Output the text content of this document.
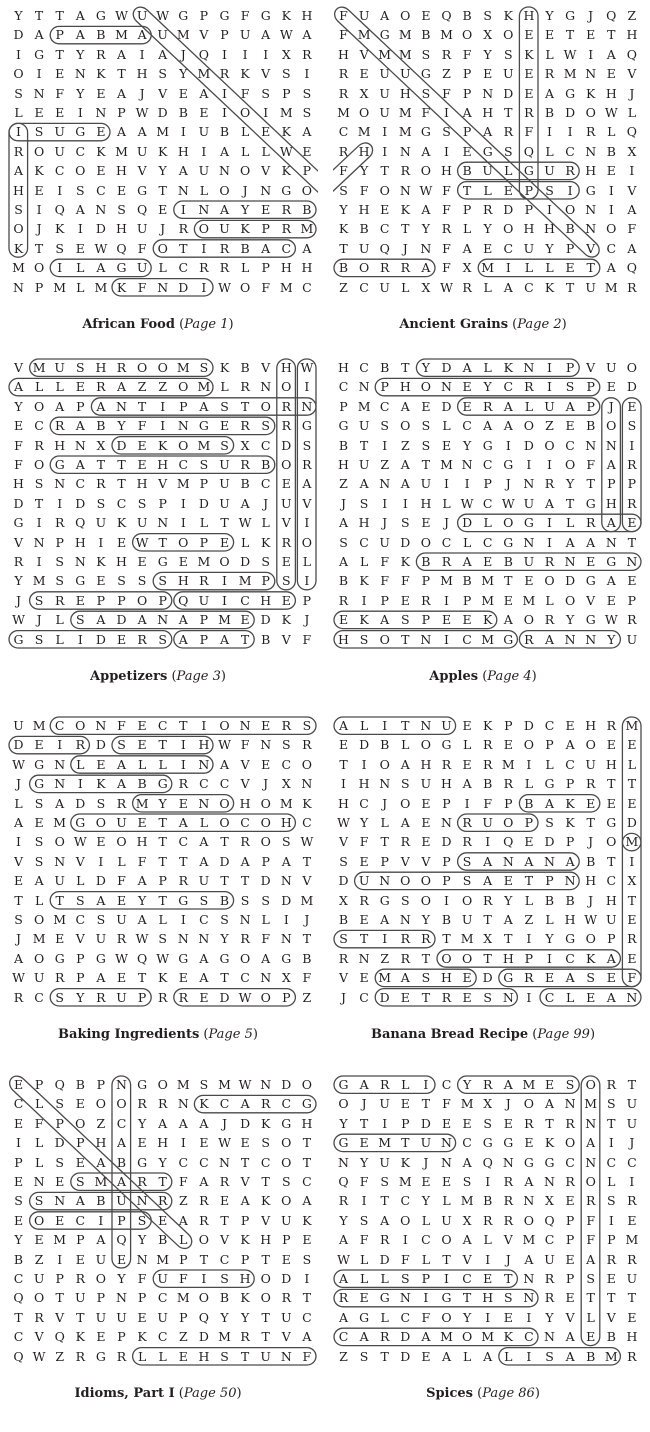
Y T T A G W U W G P G F G K H
D A P A B M A U M V P U A W A
I	G T Y R A	I	A	J	Q	I	I	I	X R
O	I	E N K T H S Y M R K V S	I
S N F Y E A	J	V E A	I	F S P S
L E E	I	N P W D B E	I	O	I M S
I	S U G E A A M I	U B L E K A
R O U C K M U K H	I	A L L W E
A K C O E H V Y A U N O V K P
H E	I	S C E G T N L O	J	N G O
S	I	Q A N S Q E	I	N A Y E R B
O	J	K	I	D H U	J	R O U K P R M
K T S E W Q F O T	I	R B A C A
M O	I	L A G U L C R R L P H H
N P M L M K F N D	I W O F M C
African Food (Page 1)
F U A O E Q B S K H Y G	J	Q Z
F M G M B M O X O E E T E T H
H V M M S R F Y S K L W I	A Q
R E U U G Z P E U E R M N E V
R X U H S F P N D E A G K H	J
M O U M F	I	A H T R B D O W L
C M I M G S P A R F	I	I	R L Q
R H	I	N A	I	E G S Q L C N B X
F Y T R O H B U L G U R H E	I
S F O N W F T L E P S	I	G	I	V
Y H E K A F P R D P	I	O N	I	A
K B C T Y R L Y O H H B N O F
T U Q	J	N F A E C U Y P V C A
B O R R A F X M I	L L E T A Q
Z C U L X W R L A C K T U M R
Ancient Grains (Page 2)
V M U S H R O O M S K B V H W
A L L E R A Z Z O M L R N O	I
Y O A P A N T	I	P A S T O R N
E C R A B Y F	I	N G E R S R G
F R H N X D E K O M S X C D S
F O G A T T E H C S U R B O R
H S N C R T H V M P U B C E A
D T	I	D S C S P	I	D U A	J	U V
G	I	R Q U K U N	I	L T W L V	I
V N P H	I	E W T O P E L K R O
R	I	S N K H E G E M O D S E L
Y M S G E S S S H R	I M P S	I
J	S R E P P O P Q U	I	C H E P
W J	L S A D A N A P M E D K	J
G S L	I	D E R S A P A T B V F
Appetizers (Page 3)
H C B T Y D A L K N	I	P V U O
C N P H O N E Y C R	I	S P E D
P M C A E D E R A L U A P	J	E
G U S O S L C A A O Z E B O S
B T	I	Z S E Y G	I	D O C N N	I
H U Z A T M N C G	I	I	O F A R
Z A N A U	I	I	P	J	N R Y T P P
J	S	I	I	H L W C W U A T G H R
A H	J	S E	J	D L O G	I	L R A E
S C U D O C L C G N	I	A A N T
A L F K B R A E B U R N E G N
B K F F P M B M T E O D G A E
R	I	P E R	I	P M E M L O V E P
E K A S P E E K A O R Y G W R
H S O T N	I	C M G R A N N Y U
Apples (Page 4)
U M C O N F E C T	I	O N E R S
D E	I	R D S E T	I	H W F N S R
W G N L E A L L	I	N A V E C O
J	G N	I	K A B G R C C V	J	X N
L S A D S R M Y E N O H O M K
A E M G O U E T A L O C O H C
I	S O W E O H T C A T R O S W
V S N V	I	L F T T A D A P A T
E A U L D F A P R U T T D N V
T L T S A E Y T G S B S S D M
S O M C S U A L	I	C S N L	I	J
J M E V U R W S N N Y R F N T
A O G P G W Q W G A G O A G B
W U R P A E T K E A T C N X F
R C S Y R U P R R E D W O P Z
Baking Ingredients (Page 5)
A L	I	T N U E K P D C E H R M
E D B L O G L R E O P A O E E
T	I	O A H R E R M I	L C U H L
I	H N S U H A B R L G P R T T
H C	J	O E P	I	F P B A K E E E
W Y L A E N R U O P S K T G D
V F T R E D R	I	Q E D P	J	O M
S E P V V P S A N A N A B T	I
D U N O O P S A E T P N H C X
X R G S O	I	O R Y L B B	J	H T
B E A N Y B U T A Z L H W U E
S T	I	R R T M X T	I	Y G O P R
R N Z R T O O T H P	I	C K A E
V E M A S H E D G R E A S E F
J	C D E T R E S N	I	C L E A N
Banana Bread Recipe (Page 99)
E P Q B P N G O M S M W N D O
C L S E O O R R N K C A R C G
E F P O Z C Y A A A	J	D K G H
I	L D P H A E H	I	E W E S O T
P L S E A B G Y C C N T C O T
E N E S M A R T F A R V T S C
S S N A B U N R Z R E A K O A
E O E C	I	P S E A R T P V U K
Y E M P A Q Y B L O V K H P E
B Z	I	E U E N M P T C P T E S
C U P R O Y F U F	I	S H O D	I
Q O T U P N P C M O B K O R T
T R V T U U E U P Q Y Y T U C
C V Q K E P K C Z D M R T V A
Q W Z R G R L L E H S T U N F
Idioms, Part I (Page 50)
G A R L	I	C Y R A M E S O R T
O	J	U E T F M X	J	O A N M S U
Y T	I	P D E E S E R T R N T U
G E M T U N C G G E K O A	I	J
N Y U K	J	N A Q N G G C N C C
Q F S M E E S	I	R A N R O L	I
R	I	T C Y L M B R N X E R S R
Y S A O L U X R R O Q P F	I	E
A F R	I	C O A L V M C P F P M
W L D F L T V	I	J	A U E A R R
A L L S P	I	C E T N R P S E U
R E G N	I	G T H S N R E T T T
A G L C F O Y	I	E	I	Y V L V E
C A R D A M O M K C N A E B H
Z S T D E A L A L	I	S A B M R
Spices (Page 86)
